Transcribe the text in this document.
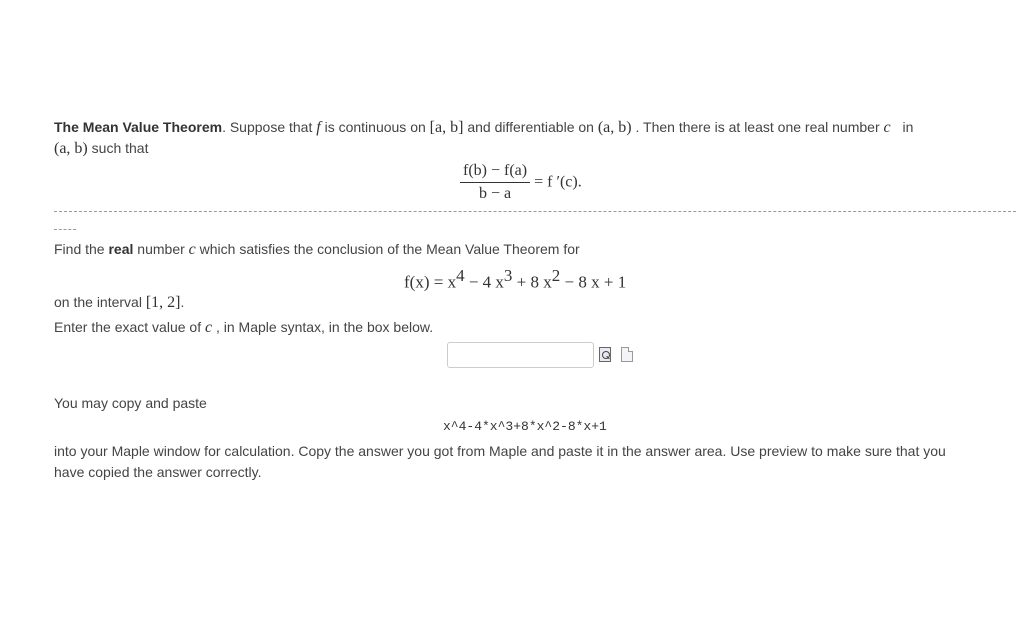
The Mean Value Theorem. Suppose that f is continuous on [a, b] and differentiable on (a, b) . Then there is at least one real number c in
(a, b) such that
$\frac{f(b) - f(a)}{b - a} = f$ ′(c).
Find the real number c which satisfies the conclusion of the Mean Value Theorem for
$f(x) = x^4 - 4$ $x^3 + 8$ $x^2 - 8$ x + 1
on the interval [1, 2].
Enter the exact value of c , in Maple syntax, in the box below.
You may copy and paste
x^4-4*x^3+8*x^2-8*x+1
into your Maple window for calculation. Copy the answer you got from Maple and paste it in the answer area. Use preview to make sure that you
have copied the answer correctly.
